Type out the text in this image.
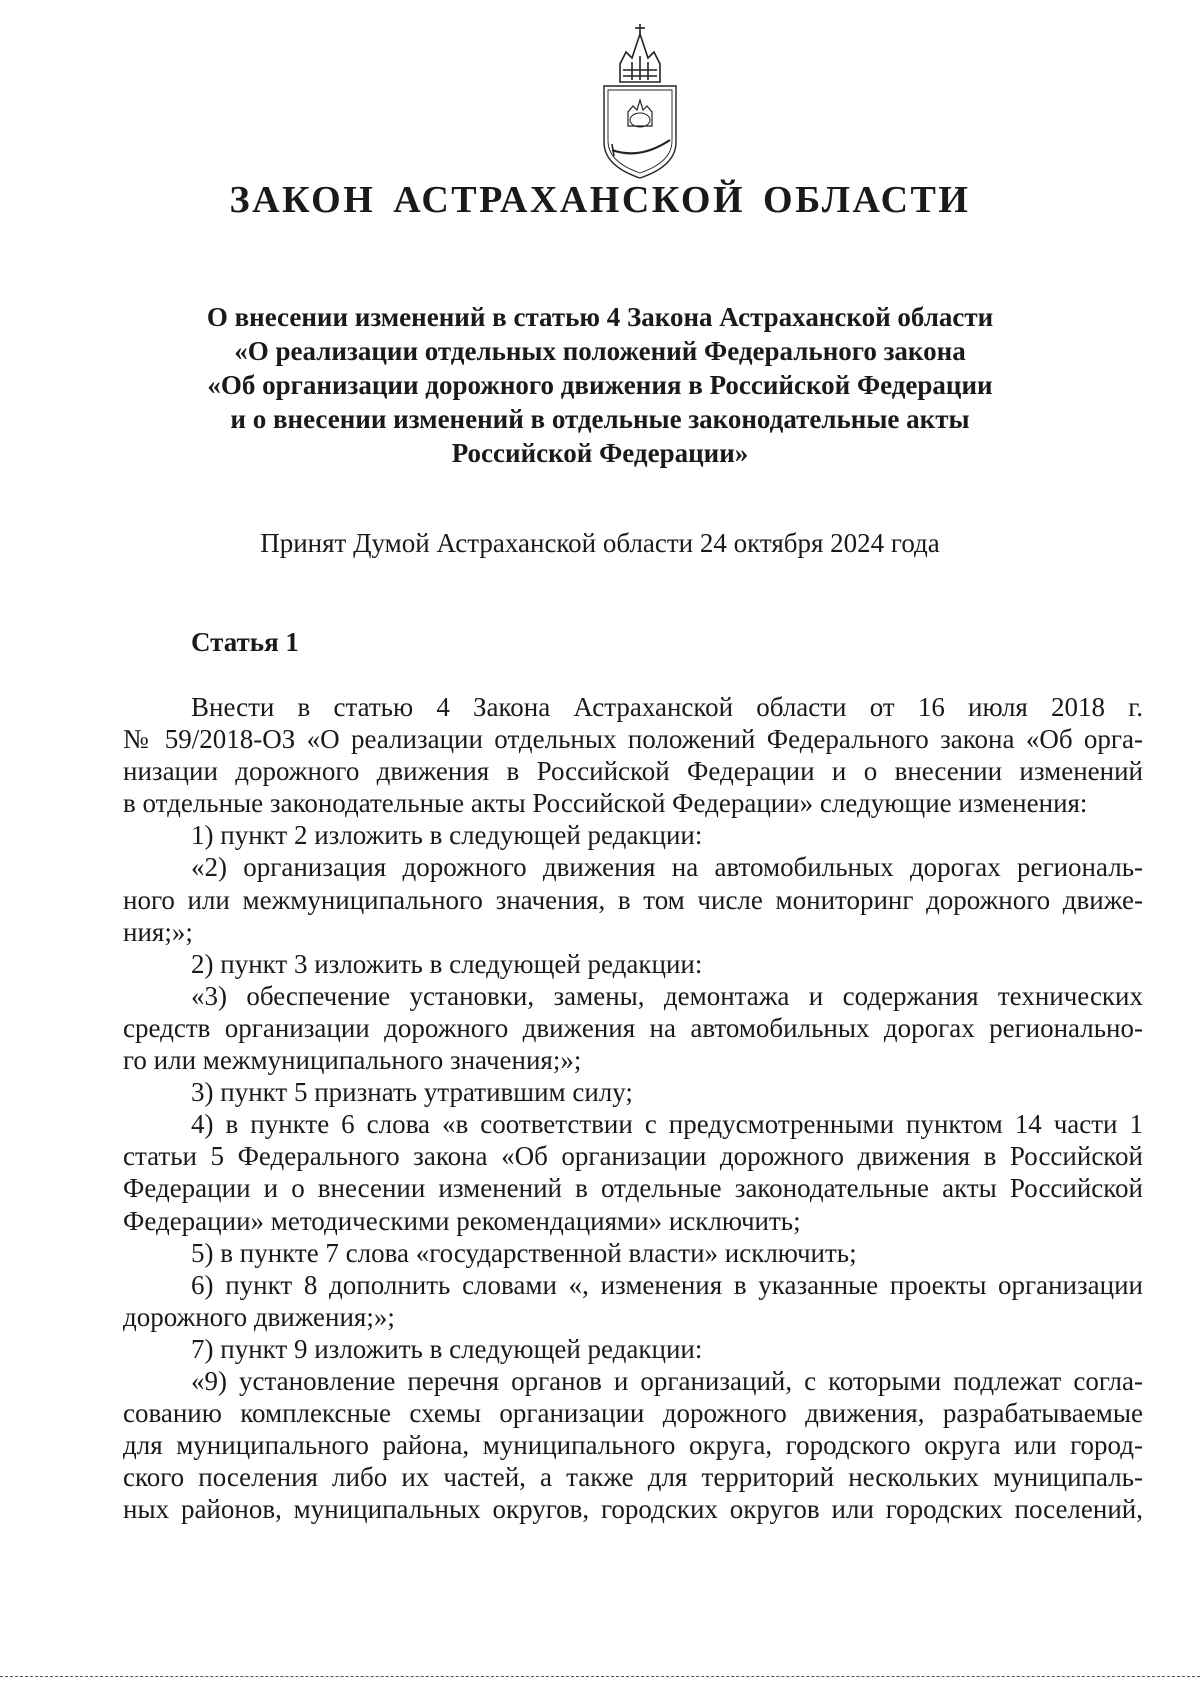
ЗАКОН АСТРАХАНСКОЙ ОБЛАСТИ
О внесении изменений в статью 4 Закона Астраханской области
«О реализации отдельных положений Федерального закона
«Об организации дорожного движения в Российской Федерации
и о внесении изменений в отдельные законодательные акты
Российской Федерации»
Принят Думой Астраханской области 24 октября 2024 года
Статья 1
Внести в статью 4 Закона Астраханской области от 16 июля 2018 г.
№ 59/2018-ОЗ «О реализации отдельных положений Федерального закона «Об орга-
низации дорожного движения в Российской Федерации и о внесении изменений
в отдельные законодательные акты Российской Федерации» следующие изменения:
1) пункт 2 изложить в следующей редакции:
«2) организация дорожного движения на автомобильных дорогах региональ-
ного или межмуниципального значения, в том числе мониторинг дорожного движе-
ния;»;
2) пункт 3 изложить в следующей редакции:
«3) обеспечение установки, замены, демонтажа и содержания технических
средств организации дорожного движения на автомобильных дорогах регионально-
го или межмуниципального значения;»;
3) пункт 5 признать утратившим силу;
4) в пункте 6 слова «в соответствии с предусмотренными пунктом 14 части 1
статьи 5 Федерального закона «Об организации дорожного движения в Российской
Федерации и о внесении изменений в отдельные законодательные акты Российской
Федерации» методическими рекомендациями» исключить;
5) в пункте 7 слова «государственной власти» исключить;
6) пункт 8 дополнить словами «, изменения в указанные проекты организации
дорожного движения;»;
7) пункт 9 изложить в следующей редакции:
«9) установление перечня органов и организаций, с которыми подлежат согла-
сованию комплексные схемы организации дорожного движения, разрабатываемые
для муниципального района, муниципального округа, городского округа или город-
ского поселения либо их частей, а также для территорий нескольких муниципаль-
ных районов, муниципальных округов, городских округов или городских поселений,
